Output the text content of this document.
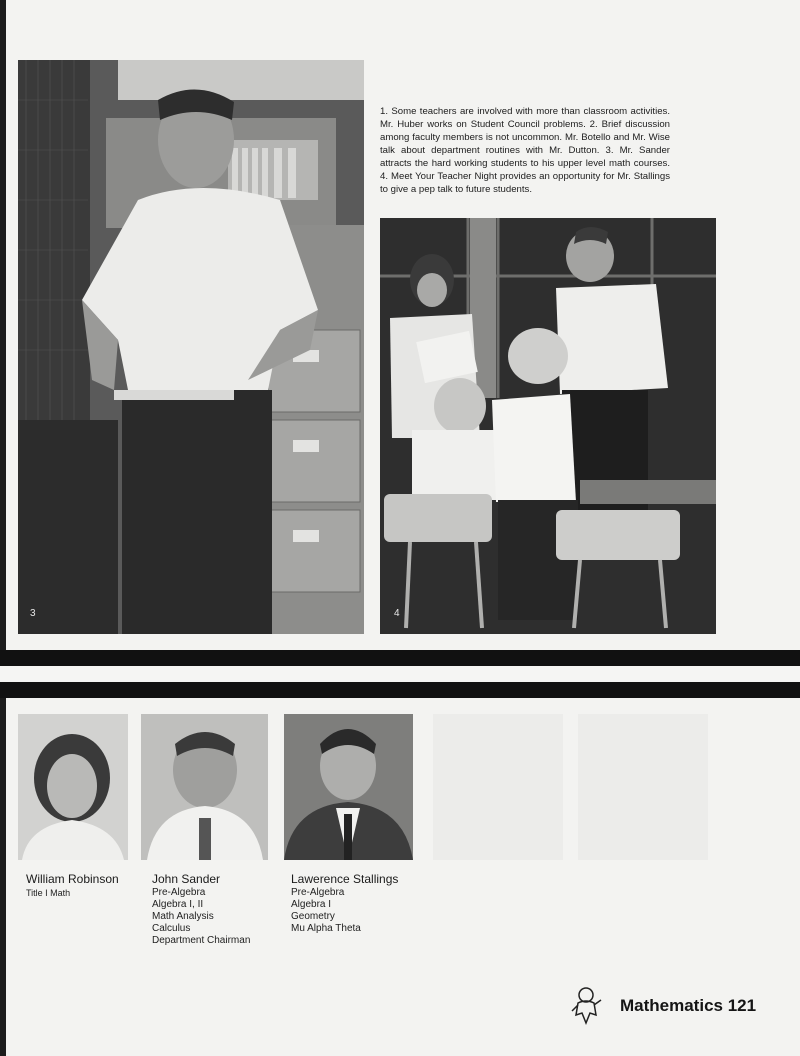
3
1. Some teachers are involved with more than classroom activities. Mr. Huber works on Student Council problems. 2. Brief discussion among faculty members is not uncommon. Mr. Botello and Mr. Wise talk about department routines with Mr. Dutton. 3. Mr. Sander attracts the hard working students to his upper level math courses. 4. Meet Your Teacher Night provides an opportunity for Mr. Stallings to give a pep talk to future students.
4
William Robinson
Title I Math
John Sander
Pre-Algebra
Algebra I, II
Math Analysis
Calculus
Department Chairman
Lawerence Stallings
Pre-Algebra
Algebra I
Geometry
Mu Alpha Theta
Mathematics 121
